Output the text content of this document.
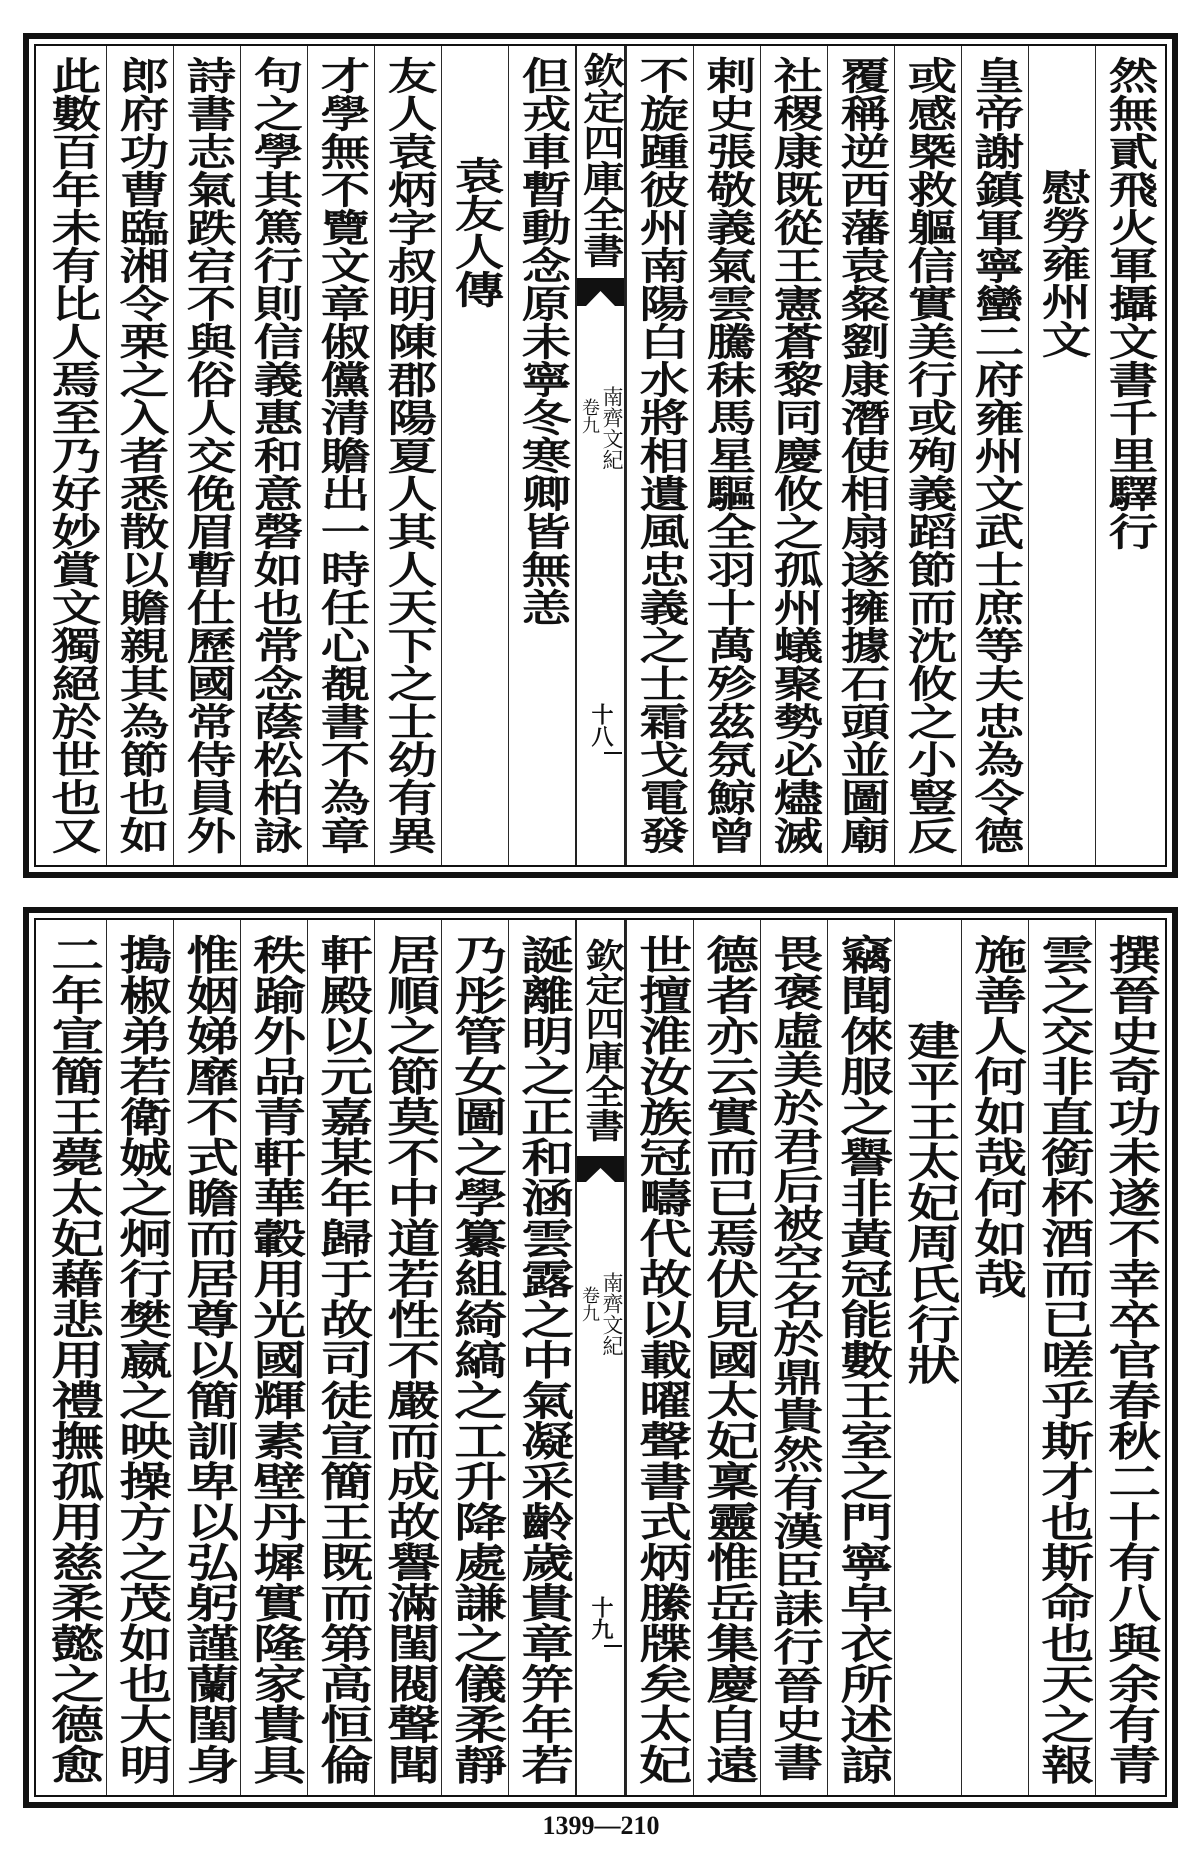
然無貳飛火軍攝文書千里驛行
慰勞雍州文
皇帝謝鎮軍寧蠻二府雍州文武士庶等夫忠為令德
或感槩救軀信實美行或殉義蹈節而沈攸之小豎反
覆稱逆西藩袁粲劉康潛使相扇遂擁據石頭並圖廟
社稷康既從王憲蒼黎同慶攸之孤州蟻聚勢必燼滅
剌史張敬義氣雲騰秣馬星驅全羽十萬殄茲氛鯨曾
不旋踵彼州南陽白水將相遺風忠義之士霜戈電發
欽定四庫全書
南齊文紀
卷九
十八
但戎車暫動念原未寧冬寒卿皆無恙
袁友人傳
友人袁炳字叔明陳郡陽夏人其人天下之士幼有異
才學無不覽文章俶儻清贍出一時任心覩書不為章
句之學其篤行則信義惠和意磬如也常念蔭松柏詠
詩書志氣跌宕不與俗人交俛眉暫仕歷國常侍員外
郎府功曹臨湘令栗之入者悉散以贍親其為節也如
此數百年未有比人焉至乃好妙賞文獨絕於世也又
撰晉史奇功未遂不幸卒官春秋二十有八與余有青
雲之交非直銜杯酒而已嗟乎斯才也斯命也天之報
施善人何如哉何如哉
建平王太妃周氏行狀
竊聞倈服之譽非黃冠能數王室之門寧皁衣所述諒
畏褒虛美於君后被空名於鼎貴然有漢臣誄行晉史書
德者亦云實而已焉伏見國太妃稟靈惟岳集慶自遠
世擅淮汝族冠疇代故以載曜聲書式炳縢牒矣太妃
欽定四庫全書
南齊文紀
卷九
十九
誕離明之正和涵雲露之中氣凝采齡歲貴章笄年若
乃彤管女圖之學纂組綺縞之工升降處謙之儀柔靜
居順之節莫不中道若性不嚴而成故譽滿閨閥聲聞
軒殿以元嘉某年歸于故司徒宣簡王既而第高恒倫
秩踰外品青軒華轂用光國輝素壁丹墀實隆家貴具
惟姻娣靡不式瞻而居尊以簡訓卑以弘躬謹蘭閨身
搗椒弟若衛娍之炯行樊嬴之映操方之茂如也大明
二年宣簡王薨太妃藉悲用禮撫孤用慈柔懿之德愈
1399—210
